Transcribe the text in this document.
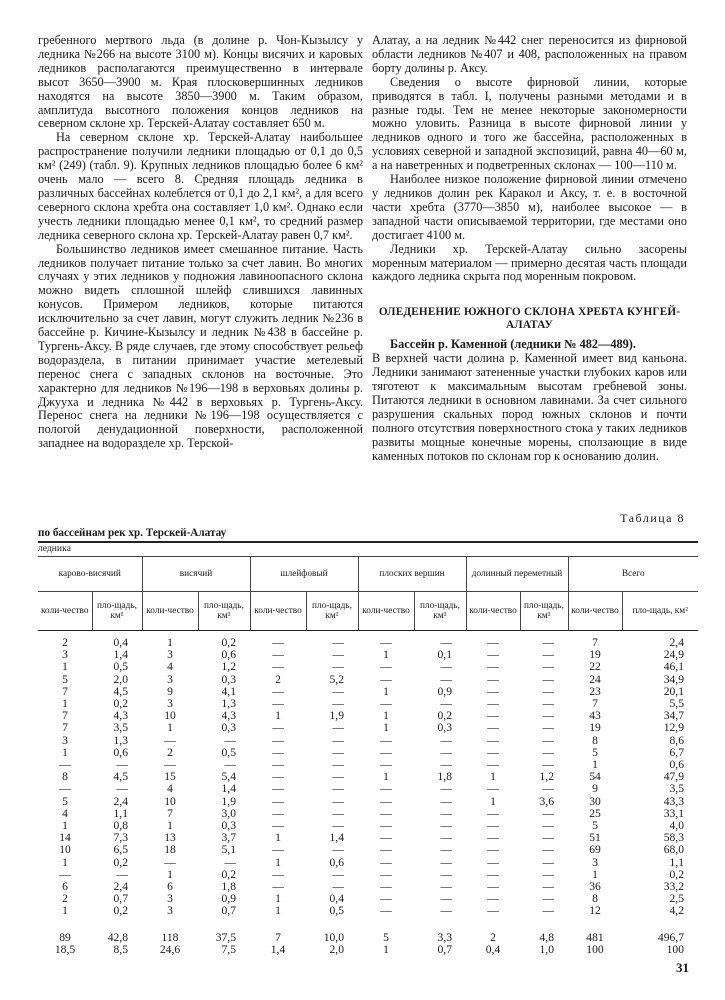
гребенного мертвого льда (в долине р. Чон-Кызылсу у ледника №266 на высоте 3100 м). Концы висячих и каровых ледников располагаются преимущественно в интервале высот 3650—3900 м. Края плосковершинных ледников находятся на высоте 3850—3900 м. Таким образом, амплитуда высотного положения концов ледников на северном склоне хр. Терскей-Алатау составляет 650 м.

На северном склоне хр. Терскей-Алатау наибольшее распространение получили ледники площадью от 0,1 до 0,5 км² (249) (табл. 9). Крупных ледников площадью более 6 км² очень мало — всего 8. Средняя площадь ледника в различных бассейнах колеблется от 0,1 до 2,1 км², а для всего северного склона хребта она составляет 1,0 км². Однако если учесть ледники площадью менее 0,1 км², то средний размер ледника северного склона хр. Терскей-Алатау равен 0,7 км².

Большинство ледников имеет смешанное питание. Часть ледников получает питание только за счет лавин. Во многих случаях у этих ледников у подножия лавиноопасного склона можно видеть сплошной шлейф слившихся лавинных конусов. Примером ледников, которые питаются исключительно за счет лавин, могут служить ледник №236 в бассейне р. Кичине-Кызылсу и ледник №438 в бассейне р. Тургень-Аксу. В ряде случаев, где этому способствует рельеф водораздела, в питании принимает участие метелевый перенос снега с западных склонов на восточные. Это характерно для ледников №196—198 в верховьях долины р. Джууха и ледника №442 в верховьях р. Тургень-Аксу. Перенос снега на ледники №196—198 осуществляется с пологой денудационной поверхности, расположенной западнее на водоразделе хр. Терской-

Алатау, а на ледник №442 снег переносится из фирновой области ледников №407 и 408, расположенных на правом борту долины р. Аксу.

Сведения о высоте фирновой линии, которые приводятся в табл. I, получены разными методами и в разные годы. Тем не менее некоторые закономерности можно уловить. Разница в высоте фирновой линии у ледников одного и того же бассейна, расположенных в условиях северной и западной экспозиций, равна 40—60 м, а на наветренных и подветренных склонах — 100—110 м.

Наиболее низкое положение фирновой линии отмечено у ледников долин рек Каракол и Аксу, т. е. в восточной части хребта (3770—3850 м), наиболее высокое — в западной части описываемой территории, где местами оно достигает 4100 м.

Ледники хр. Терскей-Алатау сильно засорены моренным материалом — примерно десятая часть площади каждого ледника скрыта под моренным покровом.

ОЛЕДЕНЕНИЕ ЮЖНОГО СКЛОНА ХРЕБТА КУНГЕЙ-АЛАТАУ

Бассейн р. Каменной (ледники № 482—489).

В верхней части долина р. Каменной имеет вид каньона. Ледники занимают затененные участки глубоких каров или тяготеют к максимальным высотам гребневой зоны. Питаются ледники в основном лавинами. За счет сильного разрушения скальных пород южных склонов и почти полного отсутствия поверхностного стока у таких ледников развиты мощные конечные морены, сползающие в виде каменных потоков по склонам гор к основанию долин.

Таблица 8
по бассейнам рек хр. Терскей-Алатау
ледника											
карово-висячий		висячий		шлейфовый		плоских вершин		долинный переметный		Всего	
коли-чество	пло-щадь, км²	коли-чество	пло-щадь, км²	коли-чество	пло-щадь, км²	коли-чество	пло-щадь, км²	коли-чество	пло-щадь, км²	коли-чество	пло-щадь, км²
2	0,4	1	0,2	—	—	—	—	—	—	7	2,4
3	1,4	3	0,6	—	—	1	0,1	—	—	19	24,9
1	0,5	4	1,2	—	—	—	—	—	—	22	46,1
5	2,0	3	0,3	2	5,2	—	—	—	—	24	34,9
7	4,5	9	4,1	—	—	1	0,9	—	—	23	20,1
1	0,2	3	1,3	—	—	—	—	—	—	7	5,5
7	4,3	10	4,3	1	1,9	1	0,2	—	—	43	34,7
7	3,5	1	0,3	—	—	1	0,3	—	—	19	12,9
3	1,3	—	—	—	—	—	—	—	—	8	8,6
1	0,6	2	0,5	—	—	—	—	—	—	5	6,7
—	—	—	—	—	—	—	—	—	—	1	0,6
8	4,5	15	5,4	—	—	1	1,8	1	1,2	54	47,9
—	—	4	1,4	—	—	—	—	—	—	9	3,5
5	2,4	10	1,9	—	—	—	—	1	3,6	30	43,3
4	1,1	7	3,0	—	—	—	—	—	—	25	33,1
1	0,8	1	0,3	—	—	—	—	—	—	5	4,0
14	7,3	13	3,7	1	1,4	—	—	—	—	51	58,3
10	6,5	18	5,1	—	—	—	—	—	—	69	68,0
1	0,2	—	—	1	0,6	—	—	—	—	3	1,1
—	—	1	0,2	—	—	—	—	—	—	1	0,2
6	2,4	6	1,8	—	—	—	—	—	—	36	33,2
2	0,7	3	0,9	1	0,4	—	—	—	—	8	2,5
1	0,2	3	0,7	1	0,5	—	—	—	—	12	4,2

89	42,8	118	37,5	7	10,0	5	3,3	2	4,8	481	496,7
18,5	8,5	24,6	7,5	1,4	2,0	1	0,7	0,4	1,0	100	100
31
